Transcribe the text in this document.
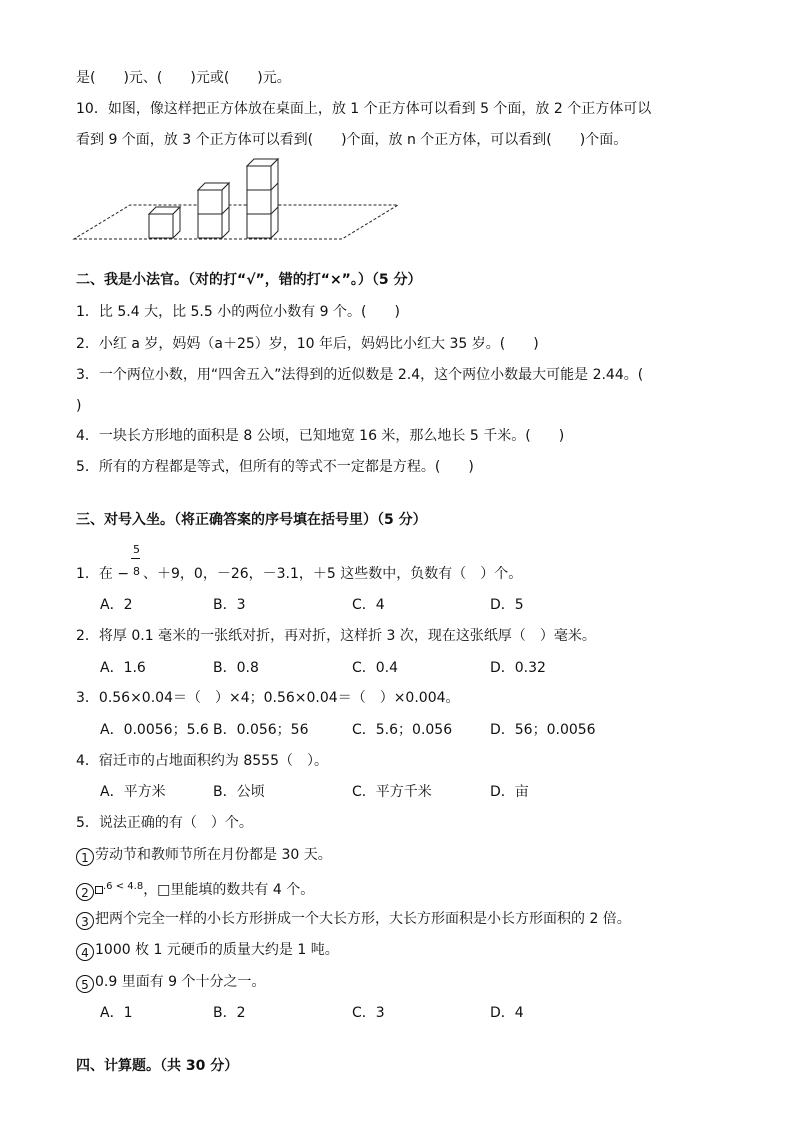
是(　　)元、(　　)元或(　　)元。
10．如图，像这样把正方体放在桌面上，放 1 个正方体可以看到 5 个面，放 2 个正方体可以
看到 9 个面，放 3 个正方体可以看到(　　)个面，放 n 个正方体，可以看到(　　)个面。
二、我是小法官。（对的打“√”，错的打“×”。）（5 分）
1．比 5.4 大，比 5.5 小的两位小数有 9 个。(　　)
2．小红 a 岁，妈妈（a＋25）岁，10 年后，妈妈比小红大 35 岁。(　　)
3．一个两位小数，用“四舍五入”法得到的近似数是 2.4，这个两位小数最大可能是 2.44。(
)
4．一块长方形地的面积是 8 公顷，已知地宽 16 米，那么地长 5 千米。(　　)
5．所有的方程都是等式，但所有的等式不一定都是方程。(　　)
三、对号入坐。（将正确答案的序号填在括号里）（5 分）
5
8
1．在 − 、＋9，0，－26，－3.1，＋5 这些数中，负数有（　）个。
A．2	B．3	C．4	D．5
2．将厚 0.1 毫米的一张纸对折，再对折，这样折 3 次，现在这张纸厚（　）毫米。
A．1.6	B．0.8	C．0.4	D．0.32
3．0.56×0.04＝（　）×4；0.56×0.04＝（　）×0.004。
A．0.0056；5.6 B．0.056；56	C．5.6；0.056	D．56；0.0056
4．宿迁市的占地面积约为 8555（　）。
A．平方米	B．公顷	C．平方千米	D．亩
5．说法正确的有（　）个。
1 劳动节和教师节所在月份都是 30 天。
2 $^{.6 < 4.8}$，□里能填的数共有 4 个。
3 把两个完全一样的小长方形拼成一个大长方形，大长方形面积是小长方形面积的 2 倍。
4 1000 枚 1 元硬币的质量大约是 1 吨。
5 0.9 里面有 9 个十分之一。
A．1	B．2	C．3	D．4
四、计算题。（共 30 分）
